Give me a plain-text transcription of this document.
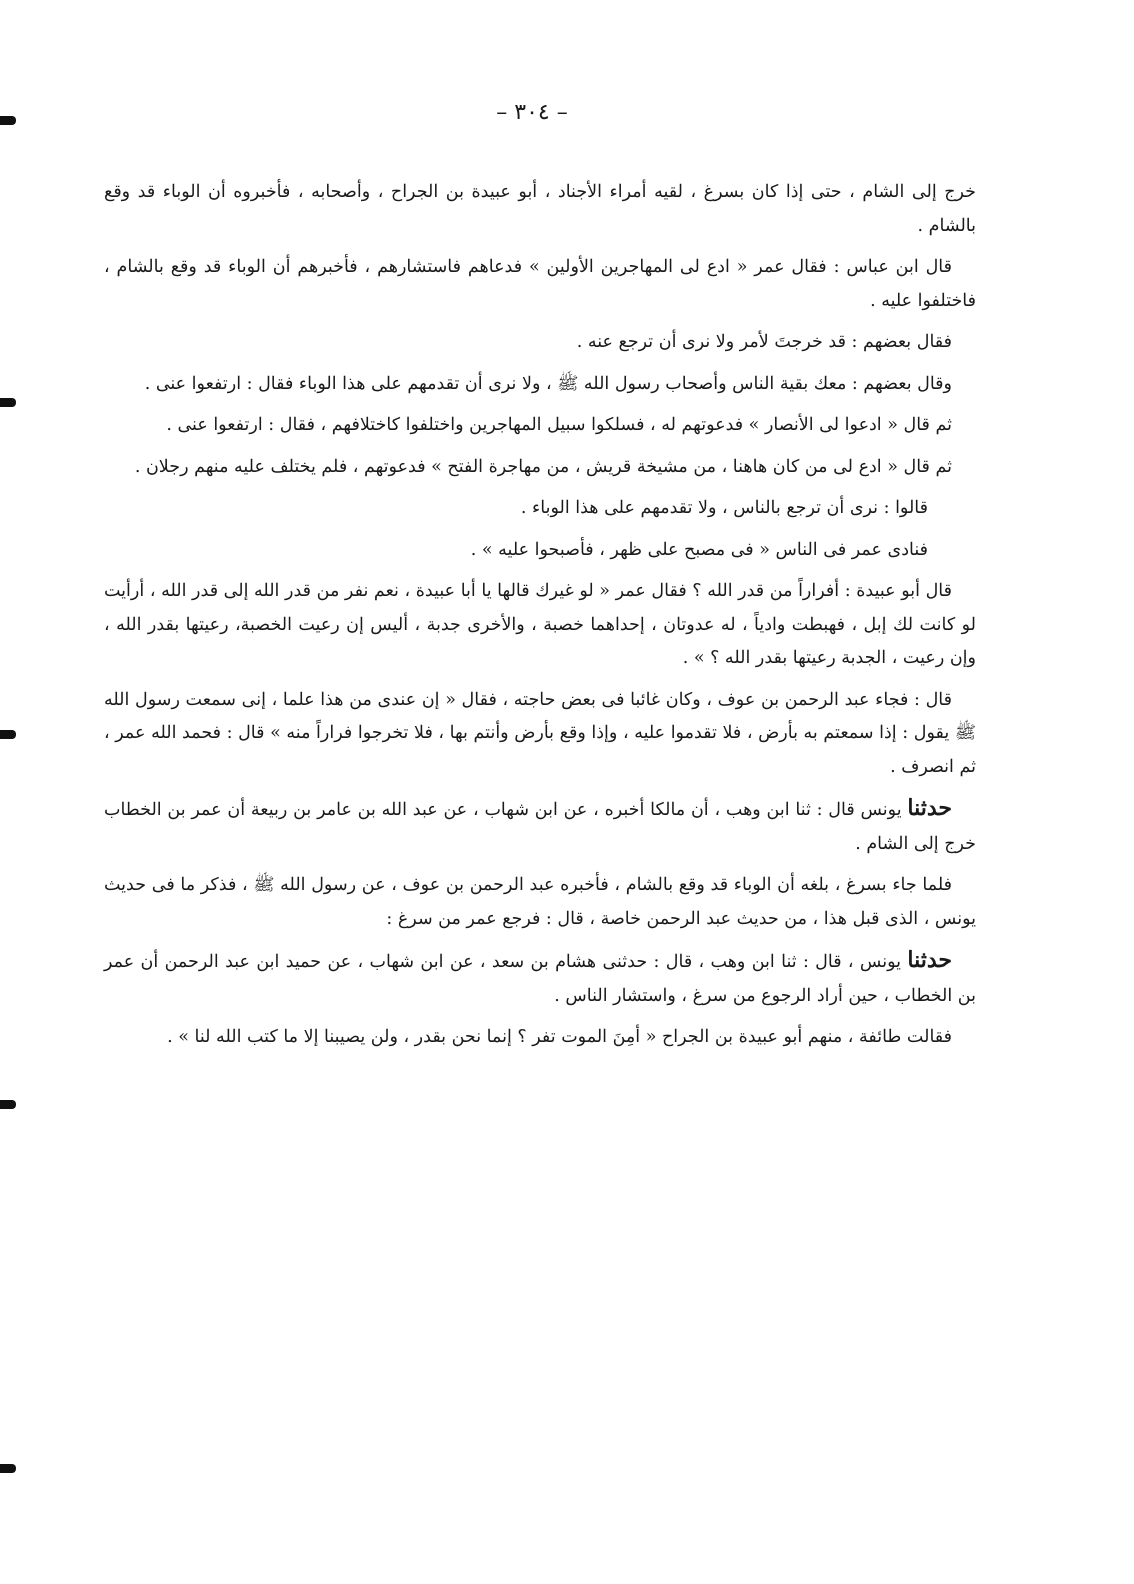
– ٣٠٤ –

خرج إلى الشام ، حتى إذا كان بسرغ ، لقيه أمراء الأجناد ، أبو عبيدة بن الجراح ، وأصحابه ، فأخبروه أن الوباء قد وقع بالشام .

قال ابن عباس : فقال عمر « ادع لى المهاجرين الأولين » فدعاهم فاستشارهم ، فأخبرهم أن الوباء قد وقع بالشام ، فاختلفوا عليه .

فقال بعضهم : قد خرجتَ لأمر ولا نرى أن ترجع عنه .

وقال بعضهم : معك بقية الناس وأصحاب رسول الله ﷺ ، ولا نرى أن تقدمهم على هذا الوباء فقال : ارتفعوا عنى .

ثم قال « ادعوا لى الأنصار » فدعوتهم له ، فسلكوا سبيل المهاجرين واختلفوا كاختلافهم ، فقال : ارتفعوا عنى .

ثم قال « ادع لى من كان هاهنا ، من مشيخة قريش ، من مهاجرة الفتح » فدعوتهم ، فلم يختلف عليه منهم رجلان .

قالوا : نرى أن ترجع بالناس ، ولا تقدمهم على هذا الوباء .

فنادى عمر فى الناس « فى مصبح على ظهر ، فأصبحوا عليه » .

قال أبو عبيدة : أفراراً من قدر الله ؟ فقال عمر « لو غيرك قالها يا أبا عبيدة ، نعم نفر من قدر الله إلى قدر الله ، أرأيت لو كانت لك إبل ، فهبطت وادياً ، له عدوتان ، إحداهما خصبة ، والأخرى جدبة ، أليس إن رعيت الخصبة، رعيتها بقدر الله ، وإن رعيت ، الجدبة رعيتها بقدر الله ؟ » .

قال : فجاء عبد الرحمن بن عوف ، وكان غائبا فى بعض حاجته ، فقال « إن عندى من هذا علما ، إنى سمعت رسول الله ﷺ يقول : إذا سمعتم به بأرض ، فلا تقدموا عليه ، وإذا وقع بأرض وأنتم بها ، فلا تخرجوا فراراً منه » قال : فحمد الله عمر ، ثم انصرف .

حدثنا يونس قال : ثنا ابن وهب ، أن مالكا أخبره ، عن ابن شهاب ، عن عبد الله بن عامر بن ربيعة أن عمر بن الخطاب خرج إلى الشام .

فلما جاء بسرغ ، بلغه أن الوباء قد وقع بالشام ، فأخبره عبد الرحمن بن عوف ، عن رسول الله ﷺ ، فذكر ما فى حديث يونس ، الذى قبل هذا ، من حديث عبد الرحمن خاصة ، قال : فرجع عمر من سرغ :

حدثنا يونس ، قال : ثنا ابن وهب ، قال : حدثنى هشام بن سعد ، عن ابن شهاب ، عن حميد ابن عبد الرحمن أن عمر بن الخطاب ، حين أراد الرجوع من سرغ ، واستشار الناس .

فقالت طائفة ، منهم أبو عبيدة بن الجراح « أمِنَ الموت تفر ؟ إنما نحن بقدر ، ولن يصيبنا إلا ما كتب الله لنا » .
